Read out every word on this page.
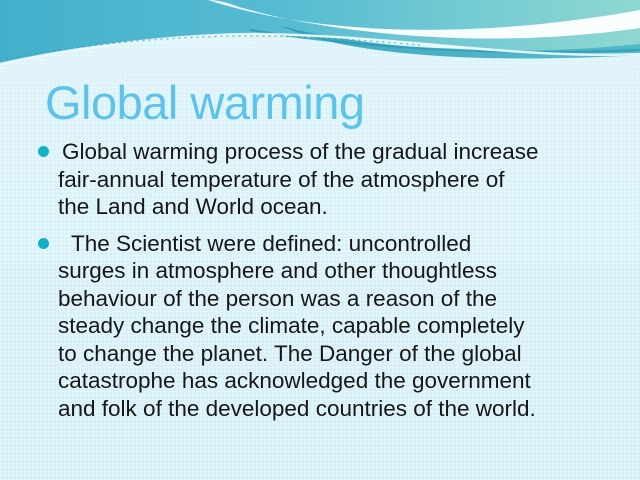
Global warming
Global warming process of the gradual increase
fair-annual temperature of the atmosphere of
the Land and World ocean.
The Scientist were defined: uncontrolled
surges in atmosphere and other thoughtless
behaviour of the person was a reason of the
steady change the climate, capable completely
to change the planet. The Danger of the global
catastrophe has acknowledged the government
and folk of the developed countries of the world.
